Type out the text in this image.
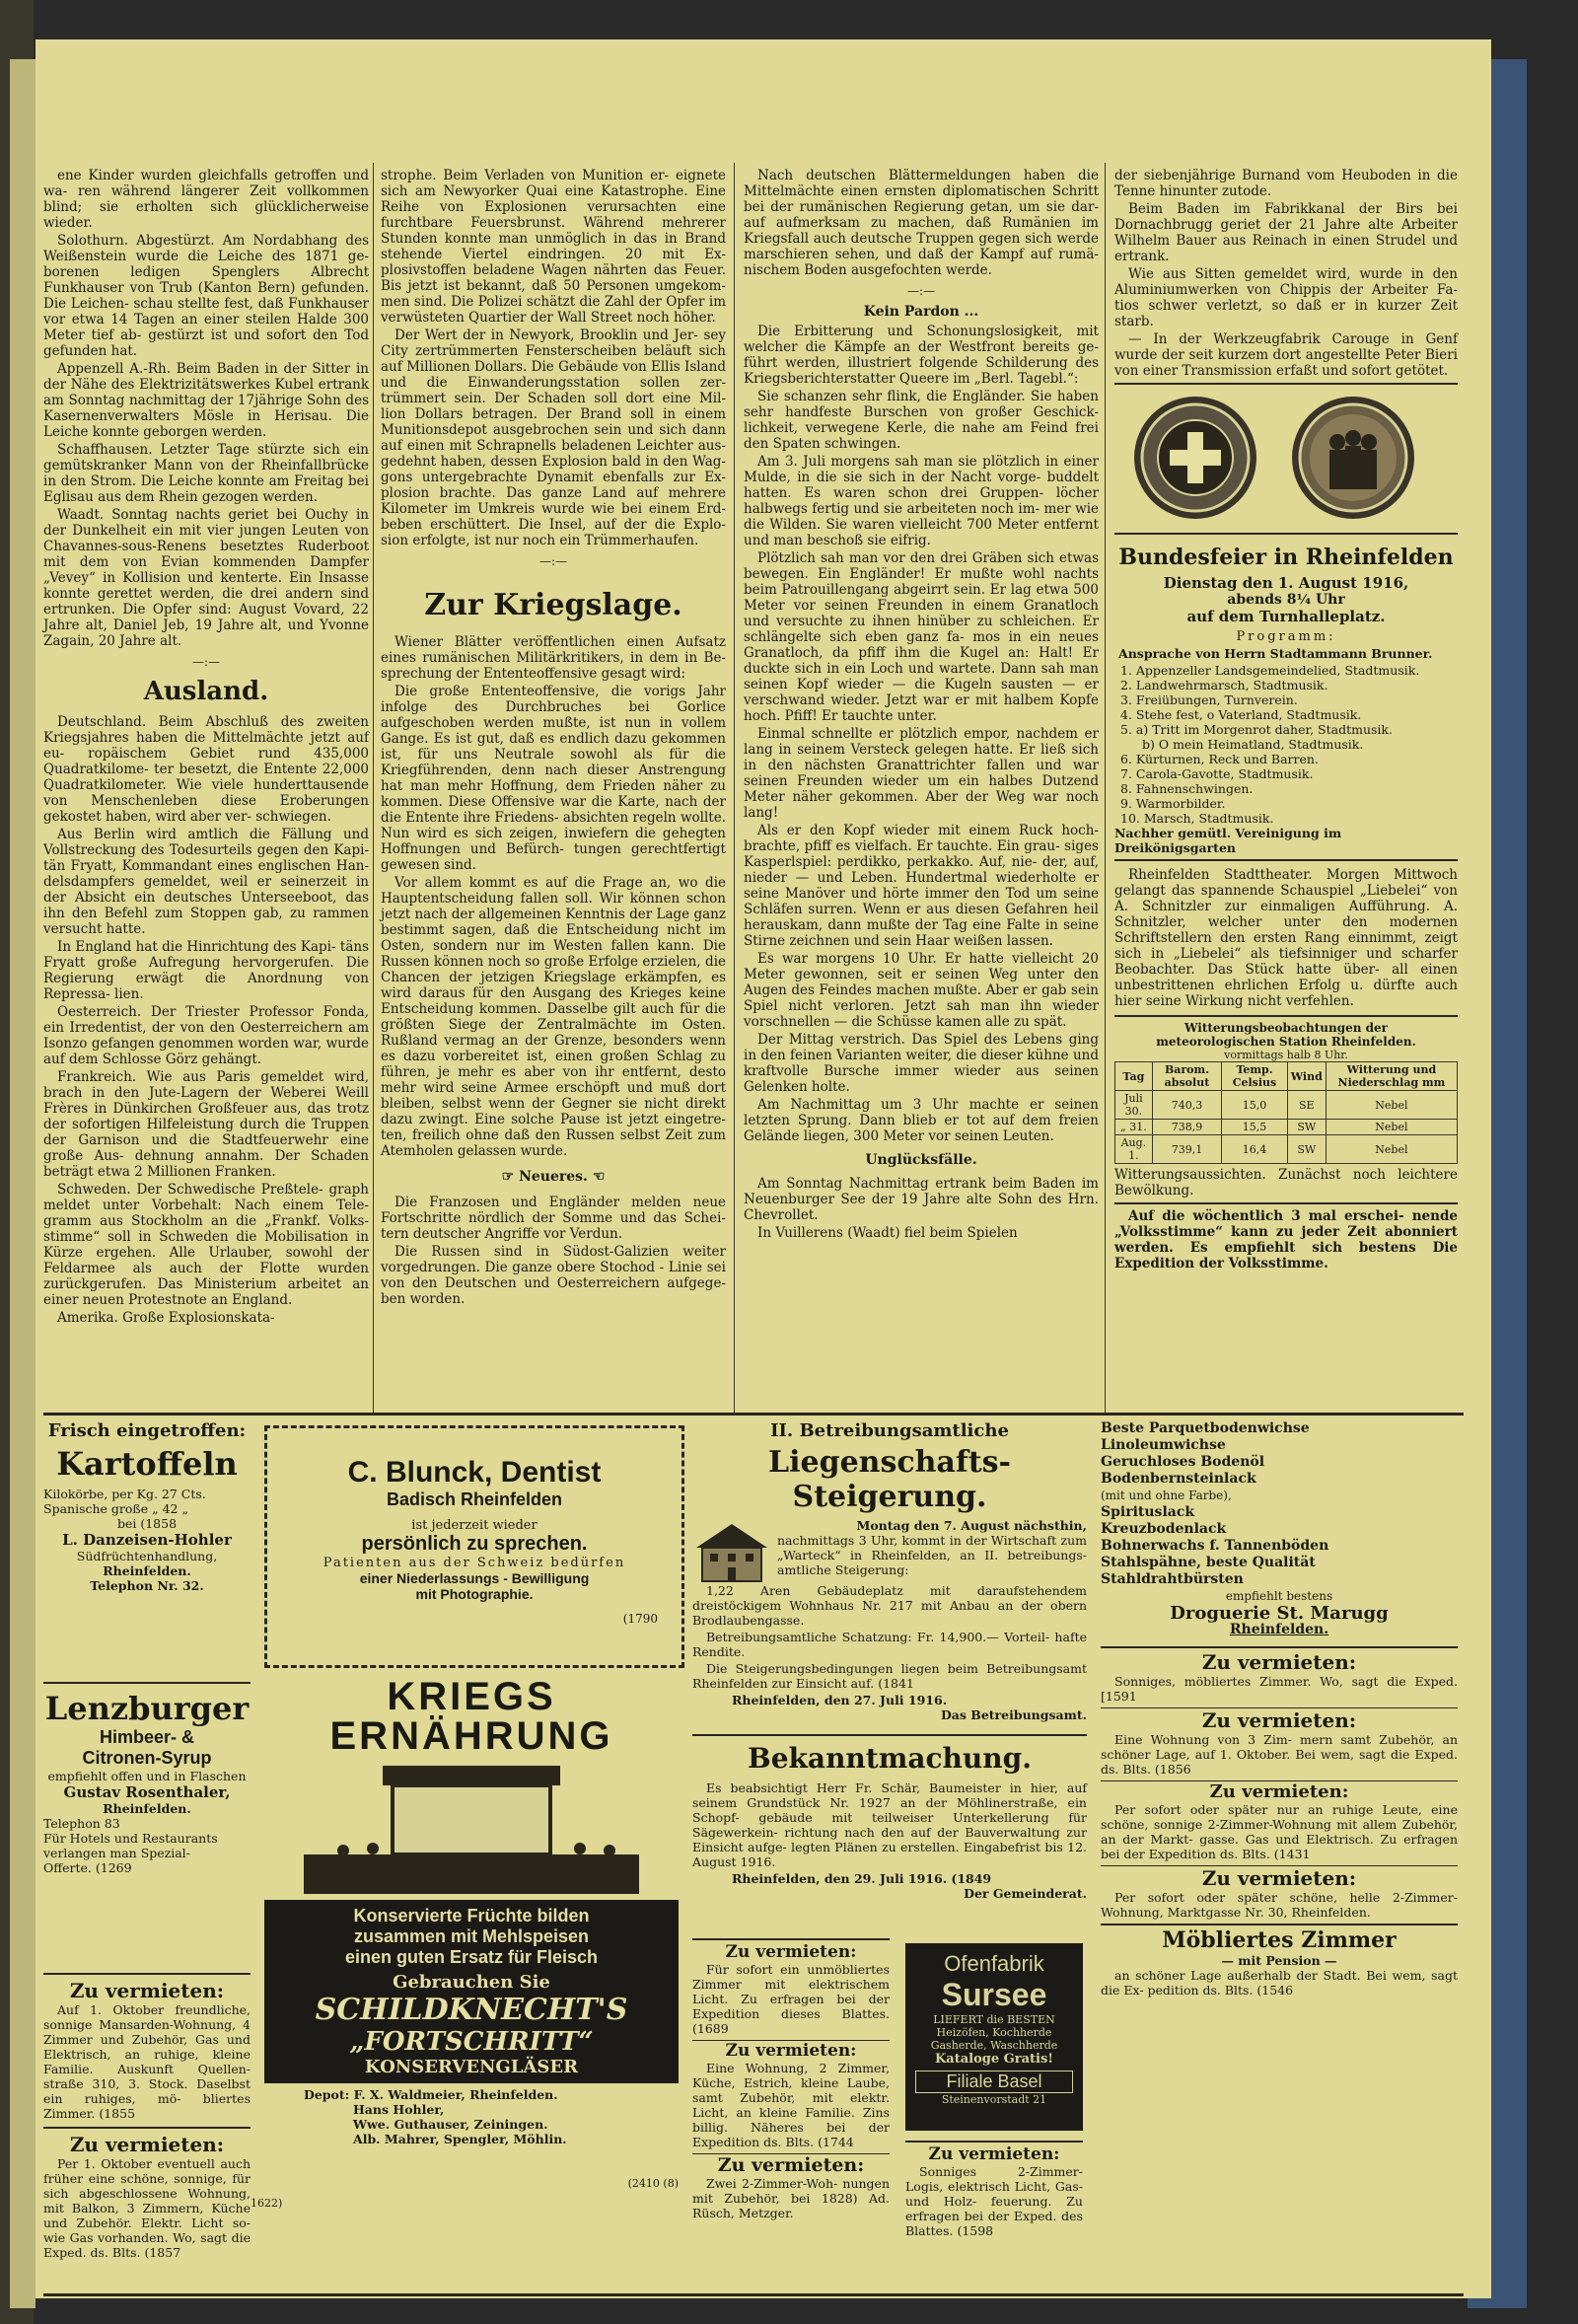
ene Kinder wurden gleichfalls getroffen und wa- ren während längerer Zeit vollkommen blind; sie erholten sich glücklicherweise wieder.

Solothurn. Abgestürzt. Am Nordabhang des Weißenstein wurde die Leiche des 1871 ge- borenen ledigen Spenglers Albrecht Funkhauser von Trub (Kanton Bern) gefunden. Die Leichen- schau stellte fest, daß Funkhauser vor etwa 14 Tagen an einer steilen Halde 300 Meter tief ab- gestürzt ist und sofort den Tod gefunden hat.

Appenzell A.-Rh. Beim Baden in der Sitter in der Nähe des Elektrizitätswerkes Kubel ertrank am Sonntag nachmittag der 17jährige Sohn des Kasernenverwalters Mösle in Herisau. Die Leiche konnte geborgen werden.

Schaffhausen. Letzter Tage stürzte sich ein gemütskranker Mann von der Rheinfallbrücke in den Strom. Die Leiche konnte am Freitag bei Eglisau aus dem Rhein gezogen werden.

Waadt. Sonntag nachts geriet bei Ouchy in der Dunkelheit ein mit vier jungen Leuten von Chavannes-sous-Renens besetztes Ruderboot mit dem von Evian kommenden Dampfer „Vevey“ in Kollision und kenterte. Ein Insasse konnte gerettet werden, die drei andern sind ertrunken. Die Opfer sind: August Vovard, 22 Jahre alt, Daniel Jeb, 19 Jahre alt, und Yvonne Zagain, 20 Jahre alt.

—:—
Ausland.

Deutschland. Beim Abschluß des zweiten Kriegsjahres haben die Mittelmächte jetzt auf eu- ropäischem Gebiet rund 435,000 Quadratkilome- ter besetzt, die Entente 22,000 Quadratkilometer. Wie viele hunderttausende von Menschenleben diese Eroberungen gekostet haben, wird aber ver- schwiegen.

Aus Berlin wird amtlich die Fällung und Vollstreckung des Todesurteils gegen den Kapi- tän Fryatt, Kommandant eines englischen Han- delsdampfers gemeldet, weil er seinerzeit in der Absicht ein deutsches Unterseeboot, das ihn den Befehl zum Stoppen gab, zu rammen versucht hatte.

In England hat die Hinrichtung des Kapi- täns Fryatt große Aufregung hervorgerufen. Die Regierung erwägt die Anordnung von Repressa- lien.

Oesterreich. Der Triester Professor Fonda, ein Irredentist, der von den Oesterreichern am Isonzo gefangen genommen worden war, wurde auf dem Schlosse Görz gehängt.

Frankreich. Wie aus Paris gemeldet wird, brach in den Jute-Lagern der Weberei Weill Frères in Dünkirchen Großfeuer aus, das trotz der sofortigen Hilfeleistung durch die Truppen der Garnison und die Stadtfeuerwehr eine große Aus- dehnung annahm. Der Schaden beträgt etwa 2 Millionen Franken.

Schweden. Der Schwedische Preßtele- graph meldet unter Vorbehalt: Nach einem Tele- gramm aus Stockholm an die „Frankf. Volks- stimme“ soll in Schweden die Mobilisation in Kürze ergehen. Alle Urlauber, sowohl der Feldarmee als auch der Flotte wurden zurückgerufen. Das Ministerium arbeitet an einer neuen Protestnote an England.

Amerika. Große Explosionskata-

strophe. Beim Verladen von Munition er- eignete sich am Newyorker Quai eine Katastrophe. Eine Reihe von Explosionen verursachten eine furchtbare Feuersbrunst. Während mehrerer Stunden konnte man unmöglich in das in Brand stehende Viertel eindringen. 20 mit Ex- plosivstoffen beladene Wagen nährten das Feuer. Bis jetzt ist bekannt, daß 50 Personen umgekom- men sind. Die Polizei schätzt die Zahl der Opfer im verwüsteten Quartier der Wall Street noch höher.

Der Wert der in Newyork, Brooklin und Jer- sey City zertrümmerten Fensterscheiben beläuft sich auf Millionen Dollars. Die Gebäude von Ellis Island und die Einwanderungsstation sollen zer- trümmert sein. Der Schaden soll dort eine Mil- lion Dollars betragen. Der Brand soll in einem Munitionsdepot ausgebrochen sein und sich dann auf einen mit Schrapnells beladenen Leichter aus- gedehnt haben, dessen Explosion bald in den Wag- gons untergebrachte Dynamit ebenfalls zur Ex- plosion brachte. Das ganze Land auf mehrere Kilometer im Umkreis wurde wie bei einem Erd- beben erschüttert. Die Insel, auf der die Explo- sion erfolgte, ist nur noch ein Trümmerhaufen.

—:—
Zur Kriegslage.

Wiener Blätter veröffentlichen einen Aufsatz eines rumänischen Militärkritikers, in dem in Be- sprechung der Ententeoffensive gesagt wird:

Die große Ententeoffensive, die vorigs Jahr infolge des Durchbruches bei Gorlice aufgeschoben werden mußte, ist nun in vollem Gange. Es ist gut, daß es endlich dazu gekommen ist, für uns Neutrale sowohl als für die Kriegführenden, denn nach dieser Anstrengung hat man mehr Hoffnung, dem Frieden näher zu kommen. Diese Offensive war die Karte, nach der die Entente ihre Friedens- absichten regeln wollte. Nun wird es sich zeigen, inwiefern die gehegten Hoffnungen und Befürch- tungen gerechtfertigt gewesen sind.

Vor allem kommt es auf die Frage an, wo die Hauptentscheidung fallen soll. Wir können schon jetzt nach der allgemeinen Kenntnis der Lage ganz bestimmt sagen, daß die Entscheidung nicht im Osten, sondern nur im Westen fallen kann. Die Russen können noch so große Erfolge erzielen, die Chancen der jetzigen Kriegslage erkämpfen, es wird daraus für den Ausgang des Krieges keine Entscheidung kommen. Dasselbe gilt auch für die größten Siege der Zentralmächte im Osten. Rußland vermag an der Grenze, besonders wenn es dazu vorbereitet ist, einen großen Schlag zu führen, je mehr es aber von ihr entfernt, desto mehr wird seine Armee erschöpft und muß dort bleiben, selbst wenn der Gegner sie nicht direkt dazu zwingt. Eine solche Pause ist jetzt eingetre- ten, freilich ohne daß den Russen selbst Zeit zum Atemholen gelassen wurde.

☞ Neueres. ☜

Die Franzosen und Engländer melden neue Fortschritte nördlich der Somme und das Schei- tern deutscher Angriffe vor Verdun.

Die Russen sind in Südost-Galizien weiter vorgedrungen. Die ganze obere Stochod - Linie sei von den Deutschen und Oesterreichern aufgege- ben worden.

Nach deutschen Blättermeldungen haben die Mittelmächte einen ernsten diplomatischen Schritt bei der rumänischen Regierung getan, um sie dar- auf aufmerksam zu machen, daß Rumänien im Kriegsfall auch deutsche Truppen gegen sich werde marschieren sehen, und daß der Kampf auf rumä- nischem Boden ausgefochten werde.

—:—
Kein Pardon ...

Die Erbitterung und Schonungslosigkeit, mit welcher die Kämpfe an der Westfront bereits ge- führt werden, illustriert folgende Schilderung des Kriegsberichterstatter Queere im „Berl. Tagebl.“:

Sie schanzen sehr flink, die Engländer. Sie haben sehr handfeste Burschen von großer Geschick- lichkeit, verwegene Kerle, die nahe am Feind frei den Spaten schwingen.

Am 3. Juli morgens sah man sie plötzlich in einer Mulde, in die sie sich in der Nacht vorge- buddelt hatten. Es waren schon drei Gruppen- löcher halbwegs fertig und sie arbeiteten noch im- mer wie die Wilden. Sie waren vielleicht 700 Meter entfernt und man beschoß sie eifrig.

Plötzlich sah man vor den drei Gräben sich etwas bewegen. Ein Engländer! Er mußte wohl nachts beim Patrouillengang abgeirrt sein. Er lag etwa 500 Meter vor seinen Freunden in einem Granatloch und versuchte zu ihnen hinüber zu schleichen. Er schlängelte sich eben ganz fa- mos in ein neues Granatloch, da pfiff ihm die Kugel an: Halt! Er duckte sich in ein Loch und wartete. Dann sah man seinen Kopf wieder — die Kugeln sausten — er verschwand wieder. Jetzt war er mit halbem Kopfe hoch. Pfiff! Er tauchte unter.

Einmal schnellte er plötzlich empor, nachdem er lang in seinem Versteck gelegen hatte. Er ließ sich in den nächsten Granattrichter fallen und war seinen Freunden wieder um ein halbes Dutzend Meter näher gekommen. Aber der Weg war noch lang!

Als er den Kopf wieder mit einem Ruck hoch- brachte, pfiff es vielfach. Er tauchte. Ein grau- siges Kasperlspiel: perdikko, perkakko. Auf, nie- der, auf, nieder — und Leben. Hundertmal wiederholte er seine Manöver und hörte immer den Tod um seine Schläfen surren. Wenn er aus diesen Gefahren heil herauskam, dann mußte der Tag eine Falte in seine Stirne zeichnen und sein Haar weißen lassen.

Es war morgens 10 Uhr. Er hatte vielleicht 20 Meter gewonnen, seit er seinen Weg unter den Augen des Feindes machen mußte. Aber er gab sein Spiel nicht verloren. Jetzt sah man ihn wieder vorschnellen — die Schüsse kamen alle zu spät.

Der Mittag verstrich. Das Spiel des Lebens ging in den feinen Varianten weiter, die dieser kühne und kraftvolle Bursche immer wieder aus seinen Gelenken holte.

Am Nachmittag um 3 Uhr machte er seinen letzten Sprung. Dann blieb er tot auf dem freien Gelände liegen, 300 Meter vor seinen Leuten.

Unglücksfälle.

Am Sonntag Nachmittag ertrank beim Baden im Neuenburger See der 19 Jahre alte Sohn des Hrn. Chevrollet.

In Vuillerens (Waadt) fiel beim Spielen

der siebenjährige Burnand vom Heuboden in die Tenne hinunter zutode.

Beim Baden im Fabrikkanal der Birs bei Dornachbrugg geriet der 21 Jahre alte Arbeiter Wilhelm Bauer aus Reinach in einen Strudel und ertrank.

Wie aus Sitten gemeldet wird, wurde in den Aluminiumwerken von Chippis der Arbeiter Fa- tios schwer verletzt, so daß er in kurzer Zeit starb.

— In der Werkzeugfabrik Carouge in Genf wurde der seit kurzem dort angestellte Peter Bieri von einer Transmission erfaßt und sofort getötet.

Bundesfeier in Rheinfelden
Dienstag den 1. August 1916,
abends 8¼ Uhr
auf dem Turnhalleplatz.
Programm:
Ansprache von Herrn Stadtammann Brunner.
1. Appenzeller Landsgemeindelied, Stadtmusik.
2. Landwehrmarsch, Stadtmusik.
3. Freiübungen, Turnverein.
4. Stehe fest, o Vaterland, Stadtmusik.
5. a) Tritt im Morgenrot daher, Stadtmusik.
b) O mein Heimatland, Stadtmusik.
6. Kürturnen, Reck und Barren.
7. Carola-Gavotte, Stadtmusik.
8. Fahnenschwingen.
9. Warmorbilder.
10. Marsch, Stadtmusik.
Nachher gemütl. Vereinigung im Dreikönigsgarten

Rheinfelden Stadttheater. Morgen Mittwoch gelangt das spannende Schauspiel „Liebelei“ von A. Schnitzler zur einmaligen Aufführung. A. Schnitzler, welcher unter den modernen Schriftstellern den ersten Rang einnimmt, zeigt sich in „Liebelei“ als tiefsinniger und scharfer Beobachter. Das Stück hatte über- all einen unbestrittenen ehrlichen Erfolg u. dürfte auch hier seine Wirkung nicht verfehlen.

Witterungsbeobachtungen der
meteorologischen Station Rheinfelden.
vormittags halb 8 Uhr.
Tag	Barom. absolut	Temp. Celsius	Wind	Witterung und Niederschlag mm
Juli 30.	740,3	15,0	SE	Nebel
„ 31.	738,9	15,5	SW	Nebel
Aug. 1.	739,1	16,4	SW	Nebel

Witterungsaussichten. Zunächst noch leichtere Bewölkung.

Auf die wöchentlich 3 mal erschei- nende „Volksstimme“ kann zu jeder Zeit abonniert werden. Es empfiehlt sich bestens Die Expedition der Volksstimme.

Frisch eingetroffen:
Kartoffeln
Kilokörbe, per Kg. 27 Cts.
Spanische große „ 42 „
bei (1858
L. Danzeisen-Hohler
Südfrüchtenhandlung,
Rheinfelden.
Telephon Nr. 32.
Lenzburger
Himbeer- &
Citronen-Syrup
empfiehlt offen und in Flaschen
Gustav Rosenthaler,
Rheinfelden.
Telephon 83
Für Hotels und Restaurants
verlangen man Spezial-
Offerte. (1269
Zu vermieten:

Auf 1. Oktober freundliche, sonnige Mansarden-Wohnung, 4 Zimmer und Zubehör, Gas und Elektrisch, an ruhige, kleine Familie. Auskunft Quellen- straße 310, 3. Stock. Daselbst ein ruhiges, mö- bliertes Zimmer. (1855

Zu vermieten:

Per 1. Oktober eventuell auch früher eine schöne, sonnige, für sich abgeschlossene Wohnung, mit Balkon, 3 Zimmern, Küche und Zubehör. Elektr. Licht so- wie Gas vorhanden. Wo, sagt die Exped. ds. Blts. (1857

C. Blunck, Dentist
Badisch Rheinfelden
ist jederzeit wieder
persönlich zu sprechen.
Patienten aus der Schweiz bedürfen
einer Niederlassungs - Bewilligung
mit Photographie.
(1790
KRIEGS
ERNÄHRUNG
Konservierte Früchte bilden
zusammen mit Mehlspeisen
einen guten Ersatz für Fleisch
Gebrauchen Sie
SCHILDKNECHT'S
„FORTSCHRITT“
KONSERVENGLÄSER
Depot: F. X. Waldmeier, Rheinfelden.
Hans Hohler,
Wwe. Guthauser, Zeiningen.
Alb. Mahrer, Spengler, Möhlin.
(2410 (8)
1622)
II. Betreibungsamtliche
Liegenschafts-Steigerung.
Montag den 7. August nächsthin,

nachmittags 3 Uhr, kommt in der Wirtschaft zum „Warteck“ in Rheinfelden, an II. betreibungs- amtliche Steigerung:

1,22 Aren Gebäudeplatz mit daraufstehendem dreistöckigem Wohnhaus Nr. 217 mit Anbau an der obern Brodlaubengasse.

Betreibungsamtliche Schatzung: Fr. 14,900.— Vorteil- hafte Rendite.

Die Steigerungsbedingungen liegen beim Betreibungsamt Rheinfelden zur Einsicht auf. (1841

Rheinfelden, den 27. Juli 1916.
Das Betreibungsamt.
Bekanntmachung.

Es beabsichtigt Herr Fr. Schär, Baumeister in hier, auf seinem Grundstück Nr. 1927 an der Möhlinerstraße, ein Schopf- gebäude mit teilweiser Unterkellerung für Sägewerkein- richtung nach den auf der Bauverwaltung zur Einsicht aufge- legten Plänen zu erstellen. Eingabefrist bis 12. August 1916.

Rheinfelden, den 29. Juli 1916. (1849
Der Gemeinderat.
Zu vermieten:

Für sofort ein unmöbliertes Zimmer mit elektrischem Licht. Zu erfragen bei der Expedition dieses Blattes. (1689

Zu vermieten:

Eine Wohnung, 2 Zimmer, Küche, Estrich, kleine Laube, samt Zubehör, mit elektr. Licht, an kleine Familie. Zins billig. Näheres bei der Expedition ds. Blts. (1744

Zu vermieten:

Zwei 2-Zimmer-Woh- nungen mit Zubehör, bei 1828) Ad. Rüsch, Metzger.

Ofenfabrik
Sursee
LIEFERT die BESTEN
Heizöfen, Kochherde
Gasherde, Waschherde
Kataloge Gratis!
Filiale Basel
Steinenvorstadt 21
Zu vermieten:

Sonniges 2-Zimmer-Logis, elektrisch Licht, Gas- und Holz- feuerung. Zu erfragen bei der Exped. des Blattes. (1598

Beste Parquetbodenwichse
Linoleumwichse
Geruchloses Bodenöl
Bodenbernsteinlack
(mit und ohne Farbe),
Spirituslack
Kreuzbodenlack
Bohnerwachs f. Tannenböden
Stahlspähne, beste Qualität
Stahldrahtbürsten
empfiehlt bestens
Droguerie St. Marugg
Rheinfelden.
Zu vermieten:

Sonniges, möbliertes Zimmer. Wo, sagt die Exped. [1591

Zu vermieten:

Eine Wohnung von 3 Zim- mern samt Zubehör, an schöner Lage, auf 1. Oktober. Bei wem, sagt die Exped. ds. Blts. (1856

Zu vermieten:

Per sofort oder später nur an ruhige Leute, eine schöne, sonnige 2-Zimmer-Wohnung mit allem Zubehör, an der Markt- gasse. Gas und Elektrisch. Zu erfragen bei der Expedition ds. Blts. (1431

Zu vermieten:

Per sofort oder später schöne, helle 2-Zimmer-Wohnung, Marktgasse Nr. 30, Rheinfelden.

Möbliertes Zimmer
— mit Pension —

an schöner Lage außerhalb der Stadt. Bei wem, sagt die Ex- pedition ds. Blts. (1546
